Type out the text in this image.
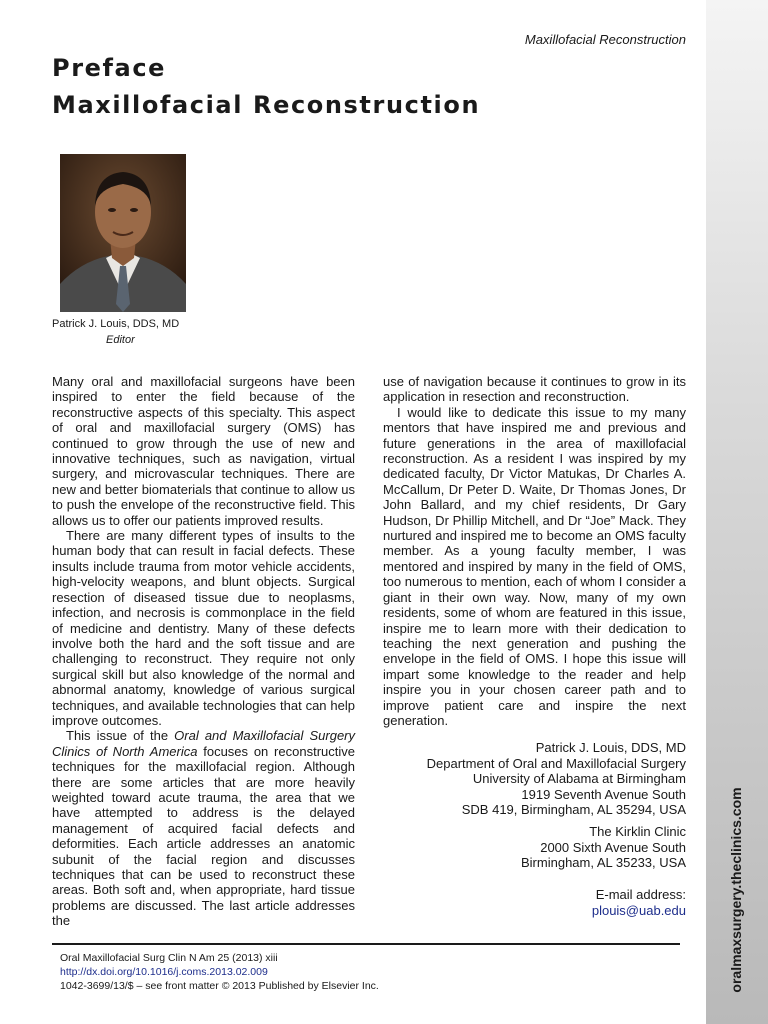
oralmaxsurgery.theclinics.com
Maxillofacial Reconstruction
Preface
Maxillofacial Reconstruction
Patrick J. Louis, DDS, MD
Editor

Many oral and maxillofacial surgeons have been inspired to enter the field because of the reconstructive aspects of this specialty. This aspect of oral and maxillofacial surgery (OMS) has continued to grow through the use of new and innovative techniques, such as navigation, virtual surgery, and microvascular techniques. There are new and better biomaterials that continue to allow us to push the envelope of the reconstructive field. This allows us to offer our patients improved results.

There are many different types of insults to the human body that can result in facial defects. These insults include trauma from motor vehicle accidents, high-velocity weapons, and blunt objects. Surgical resection of diseased tissue due to neoplasms, infection, and necrosis is commonplace in the field of medicine and dentistry. Many of these defects involve both the hard and the soft tissue and are challenging to reconstruct. They require not only surgical skill but also knowledge of the normal and abnormal anatomy, knowledge of various surgical techniques, and available technologies that can help improve outcomes.

This issue of the Oral and Maxillofacial Surgery Clinics of North America focuses on reconstructive techniques for the maxillofacial region. Although there are some articles that are more heavily weighted toward acute trauma, the area that we have attempted to address is the delayed management of acquired facial defects and deformities. Each article addresses an anatomic subunit of the facial region and discusses techniques that can be used to reconstruct these areas. Both soft and, when appropriate, hard tissue problems are discussed. The last article addresses the

use of navigation because it continues to grow in its application in resection and reconstruction.

I would like to dedicate this issue to my many mentors that have inspired me and previous and future generations in the area of maxillofacial reconstruction. As a resident I was inspired by my dedicated faculty, Dr Victor Matukas, Dr Charles A. McCallum, Dr Peter D. Waite, Dr Thomas Jones, Dr John Ballard, and my chief residents, Dr Gary Hudson, Dr Phillip Mitchell, and Dr “Joe” Mack. They nurtured and inspired me to become an OMS faculty member. As a young faculty member, I was mentored and inspired by many in the field of OMS, too numerous to mention, each of whom I consider a giant in their own way. Now, many of my own residents, some of whom are featured in this issue, inspire me to learn more with their dedication to teaching the next generation and pushing the envelope in the field of OMS. I hope this issue will impart some knowledge to the reader and help inspire you in your chosen career path and to improve patient care and inspire the next generation.

Patrick J. Louis, DDS, MD
Department of Oral and Maxillofacial Surgery
University of Alabama at Birmingham
1919 Seventh Avenue South
SDB 419, Birmingham, AL 35294, USA
The Kirklin Clinic
2000 Sixth Avenue South
Birmingham, AL 35233, USA
E-mail address:
plouis@uab.edu
Oral Maxillofacial Surg Clin N Am 25 (2013) xiii
http://dx.doi.org/10.1016/j.coms.2013.02.009
1042-3699/13/$ – see front matter © 2013 Published by Elsevier Inc.
